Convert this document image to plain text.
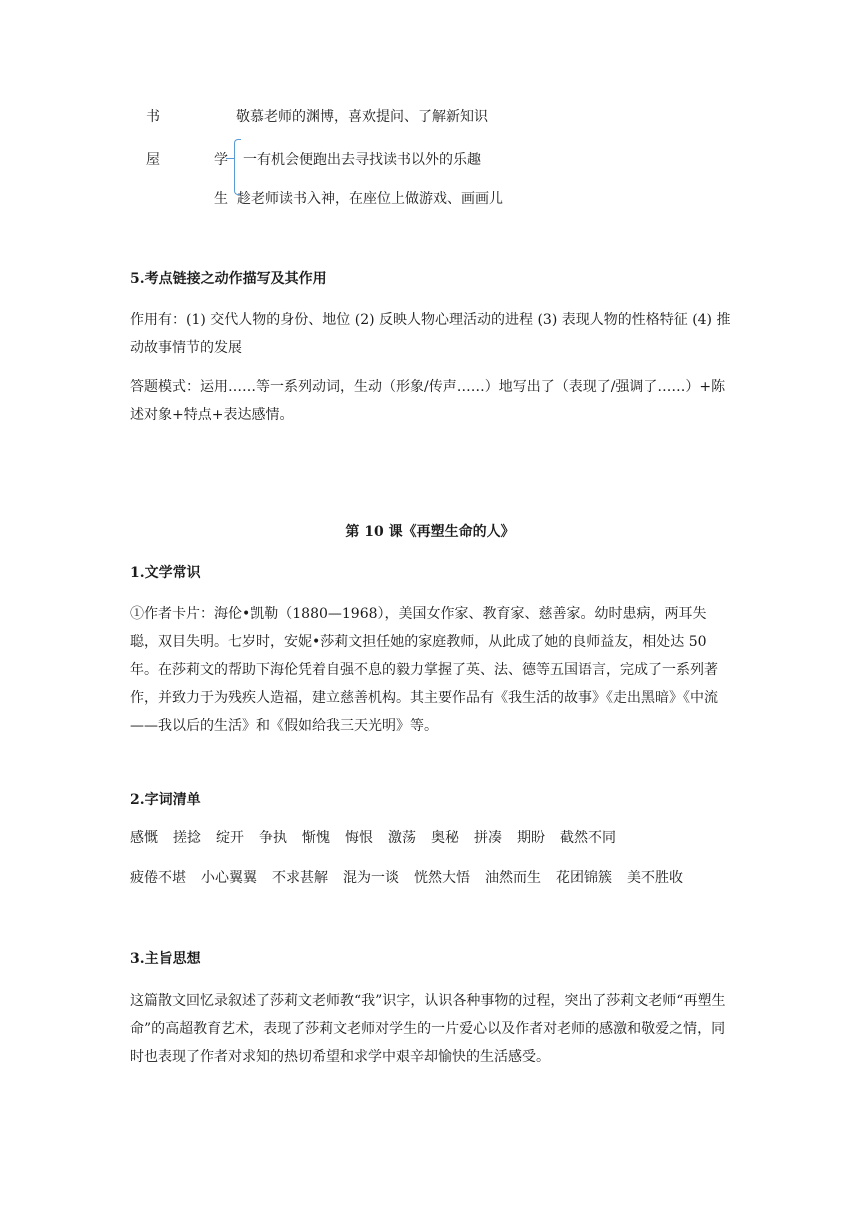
书
屋	学
生
敬慕老师的渊博，喜欢提问、了解新知识
一有机会便跑出去寻找读书以外的乐趣
趁老师读书入神，在座位上做游戏、画画儿
5.考点链接之动作描写及其作用
作用有：(1) 交代人物的身份、地位 (2) 反映人物心理活动的进程 (3) 表现人物的性格特征 (4) 推动故事情节的发展
答题模式：运用……等一系列动词，生动（形象/传声……）地写出了（表现了/强调了……）+陈述对象+特点+表达感情。
第 10 课《再塑生命的人》
1.文学常识
①作者卡片：海伦•凯勒（1880—1968），美国女作家、教育家、慈善家。幼时患病，两耳失聪，双目失明。七岁时，安妮•莎莉文担任她的家庭教师，从此成了她的良师益友，相处达 50 年。在莎莉文的帮助下海伦凭着自强不息的毅力掌握了英、法、德等五国语言，完成了一系列著作，并致力于为残疾人造福，建立慈善机构。其主要作品有《我生活的故事》《走出黑暗》《中流——我以后的生活》和《假如给我三天光明》等。
2.字词清单
感慨 搓捻 绽开 争执 惭愧 悔恨 激荡 奥秘 拼凑 期盼 截然不同
疲倦不堪 小心翼翼 不求甚解 混为一谈 恍然大悟 油然而生 花团锦簇 美不胜收
3.主旨思想
这篇散文回忆录叙述了莎莉文老师教“我”识字，认识各种事物的过程，突出了莎莉文老师“再塑生命”的高超教育艺术，表现了莎莉文老师对学生的一片爱心以及作者对老师的感激和敬爱之情，同时也表现了作者对求知的热切希望和求学中艰辛却愉快的生活感受。
